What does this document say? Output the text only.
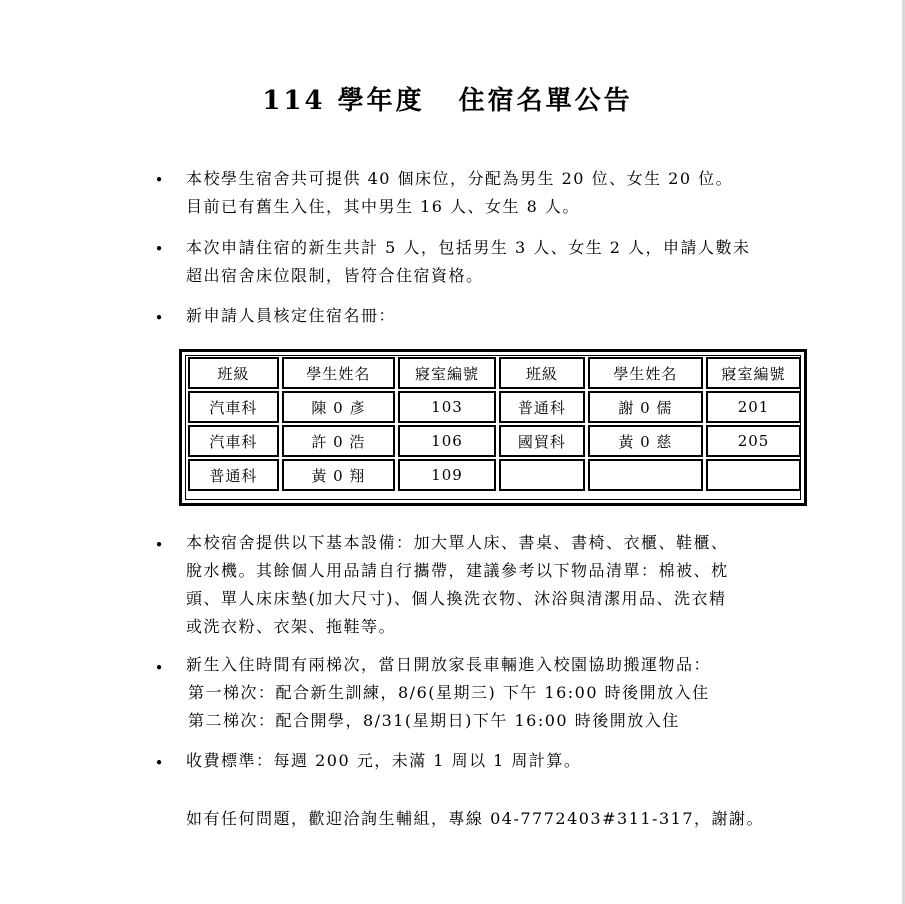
114 學年度 住宿名單公告
• 本校學生宿舍共可提供 40 個床位，分配為男生 20 位、女生 20 位。
目前已有舊生入住，其中男生 16 人、女生 8 人。
• 本次申請住宿的新生共計 5 人，包括男生 3 人、女生 2 人，申請人數未
超出宿舍床位限制，皆符合住宿資格。
• 新申請人員核定住宿名冊：
班級	學生姓名	寢室編號	班級	學生姓名	寢室編號
汽車科	陳 0 彥	103	普通科	謝 0 儒	201
汽車科	許 0 浩	106	國貿科	黃 0 慈	205
普通科	黃 0 翔	109			
• 本校宿舍提供以下基本設備：加大單人床、書桌、書椅、衣櫃、鞋櫃、
脫水機。其餘個人用品請自行攜帶，建議參考以下物品清單：棉被、枕
頭、單人床床墊(加大尺寸)、個人換洗衣物、沐浴與清潔用品、洗衣精
或洗衣粉、衣架、拖鞋等。
• 新生入住時間有兩梯次，當日開放家長車輛進入校園協助搬運物品：
第一梯次：配合新生訓練，8/6(星期三) 下午 16:00 時後開放入住
第二梯次：配合開學，8/31(星期日)下午 16:00 時後開放入住
• 收費標準：每週 200 元，未滿 1 周以 1 周計算。
如有任何問題，歡迎洽詢生輔組，專線 04-7772403#311-317，謝謝。
